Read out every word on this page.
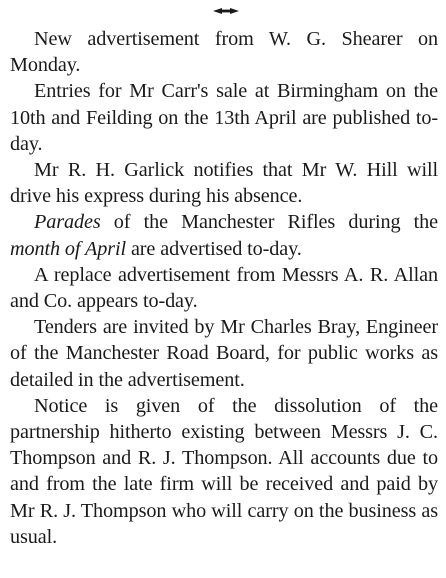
New advertisement from W. G. Shearer on Monday.

Entries for Mr Carr's sale at Birmingham on the 10th and Feilding on the 13th April are published to-day.

Mr R. H. Garlick notifies that Mr W. Hill will drive his express during his absence.

Parades of the Manchester Rifles during the month of April are advertised to-day.

A replace advertisement from Messrs A. R. Allan and Co. appears to-day.

Tenders are invited by Mr Charles Bray, Engineer of the Manchester Road Board, for public works as detailed in the advertisement.

Notice is given of the dissolution of the partnership hitherto existing between Messrs J. C. Thompson and R. J. Thompson. All accounts due to and from the late firm will be received and paid by Mr R. J. Thompson who will carry on the business as usual.
